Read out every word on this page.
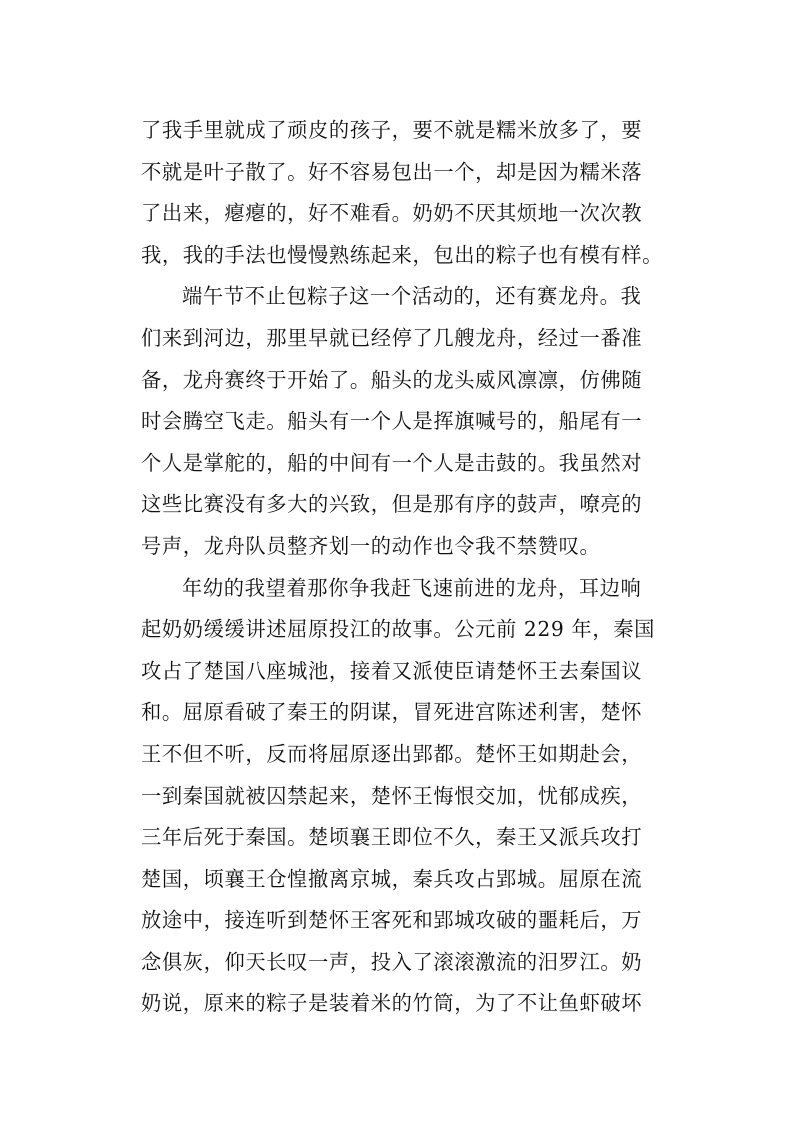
了我手里就成了顽皮的孩子，要不就是糯米放多了，要
不就是叶子散了。好不容易包出一个，却是因为糯米落
了出来，瘪瘪的，好不难看。奶奶不厌其烦地一次次教
我，我的手法也慢慢熟练起来，包出的粽子也有模有样。
端午节不止包粽子这一个活动的，还有赛龙舟。我
们来到河边，那里早就已经停了几艘龙舟，经过一番准
备，龙舟赛终于开始了。船头的龙头威风凛凛，仿佛随
时会腾空飞走。船头有一个人是挥旗喊号的，船尾有一
个人是掌舵的，船的中间有一个人是击鼓的。我虽然对
这些比赛没有多大的兴致，但是那有序的鼓声，嘹亮的
号声，龙舟队员整齐划一的动作也令我不禁赞叹。
年幼的我望着那你争我赶飞速前进的龙舟，耳边响
起奶奶缓缓讲述屈原投江的故事。公元前 229 年，秦国
攻占了楚国八座城池，接着又派使臣请楚怀王去秦国议
和。屈原看破了秦王的阴谋，冒死进宫陈述利害，楚怀
王不但不听，反而将屈原逐出郢都。楚怀王如期赴会，
一到秦国就被囚禁起来，楚怀王悔恨交加，忧郁成疾，
三年后死于秦国。楚顷襄王即位不久，秦王又派兵攻打
楚国，顷襄王仓惶撤离京城，秦兵攻占郢城。屈原在流
放途中，接连听到楚怀王客死和郢城攻破的噩耗后，万
念俱灰，仰天长叹一声，投入了滚滚激流的汨罗江。奶
奶说，原来的粽子是装着米的竹筒，为了不让鱼虾破坏
